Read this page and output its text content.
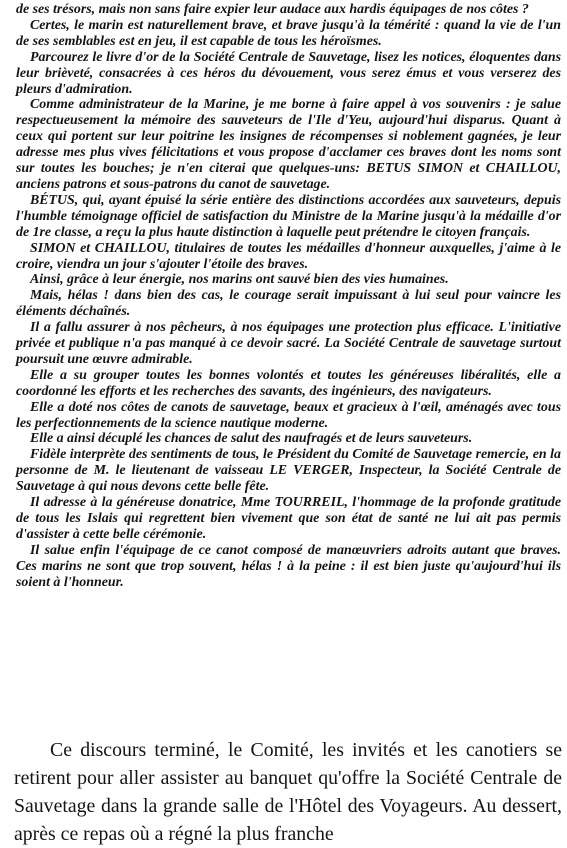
de ses trésors, mais non sans faire expier leur audace aux hardis équipages de nos côtes ?

Certes, le marin est naturellement brave, et brave jusqu'à la témérité : quand la vie de l'un de ses semblables est en jeu, il est capable de tous les héroïsmes.

Parcourez le livre d'or de la Société Centrale de Sauvetage, lisez les notices, éloquentes dans leur brièveté, consacrées à ces héros du dévouement, vous serez émus et vous verserez des pleurs d'admiration.

Comme administrateur de la Marine, je me borne à faire appel à vos souvenirs : je salue respectueusement la mémoire des sauveteurs de l'Ile d'Yeu, aujourd'hui disparus. Quant à ceux qui portent sur leur poitrine les insignes de récompenses si noblement gagnées, je leur adresse mes plus vives félicitations et vous propose d'acclamer ces braves dont les noms sont sur toutes les bouches; je n'en citerai que quelques-uns: BETUS SIMON et CHAILLOU, anciens patrons et sous-patrons du canot de sauvetage.

BÉTUS, qui, ayant épuisé la série entière des distinctions accordées aux sauveteurs, depuis l'humble témoignage officiel de satisfaction du Ministre de la Marine jusqu'à la médaille d'or de 1re classe, a reçu la plus haute distinction à laquelle peut prétendre le citoyen français.

SIMON et CHAILLOU, titulaires de toutes les médailles d'honneur auxquelles, j'aime à le croire, viendra un jour s'ajouter l'étoile des braves.

Ainsi, grâce à leur énergie, nos marins ont sauvé bien des vies humaines.

Mais, hélas ! dans bien des cas, le courage serait impuissant à lui seul pour vaincre les éléments déchaînés.

Il a fallu assurer à nos pêcheurs, à nos équipages une protection plus efficace. L'initiative privée et publique n'a pas manqué à ce devoir sacré. La Société Centrale de sauvetage surtout poursuit une œuvre admirable.

Elle a su grouper toutes les bonnes volontés et toutes les généreuses libéralités, elle a coordonné les efforts et les recherches des savants, des ingénieurs, des navigateurs.

Elle a doté nos côtes de canots de sauvetage, beaux et gracieux à l'œil, aménagés avec tous les perfectionnements de la science nautique moderne.

Elle a ainsi décuplé les chances de salut des naufragés et de leurs sauveteurs.

Fidèle interprète des sentiments de tous, le Président du Comité de Sauvetage remercie, en la personne de M. le lieutenant de vaisseau LE VERGER, Inspecteur, la Société Centrale de Sauvetage à qui nous devons cette belle fête.

Il adresse à la généreuse donatrice, Mme TOURREIL, l'hommage de la profonde gratitude de tous les Islais qui regrettent bien vivement que son état de santé ne lui ait pas permis d'assister à cette belle cérémonie.

Il salue enfin l'équipage de ce canot composé de manœuvriers adroits autant que braves. Ces marins ne sont que trop souvent, hélas ! à la peine : il est bien juste qu'aujourd'hui ils soient à l'honneur.

Ce discours terminé, le Comité, les invités et les canotiers se retirent pour aller assister au banquet qu'offre la Société Centrale de Sauvetage dans la grande salle de l'Hôtel des Voyageurs. Au dessert, après ce repas où a régné la plus franche
